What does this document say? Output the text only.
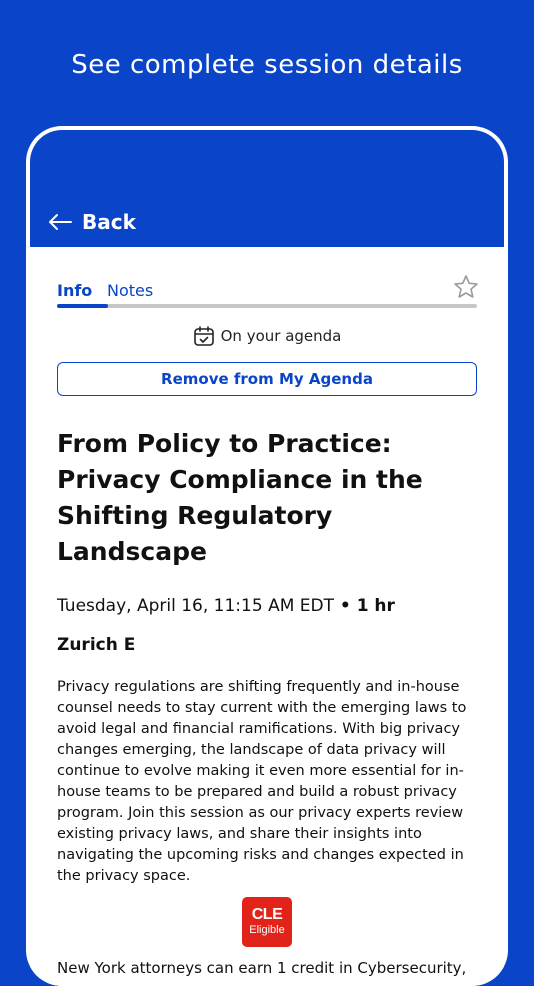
See complete session details
Back
Info Notes
On your agenda
Remove from My Agenda
From Policy to Practice: Privacy Compliance in the Shifting Regulatory Landscape
Tuesday, April 16, 11:15 AM EDT • 1 hr
Zurich E
Privacy regulations are shifting frequently and in-house counsel needs to stay current with the emerging laws to avoid legal and financial ramifications. With big privacy changes emerging, the landscape of data privacy will continue to evolve making it even more essential for in-house teams to be prepared and build a robust privacy program. Join this session as our privacy experts review existing privacy laws, and share their insights into navigating the upcoming risks and changes expected in the privacy space.
CLE
Eligible
New York attorneys can earn 1 credit in Cybersecurity,
